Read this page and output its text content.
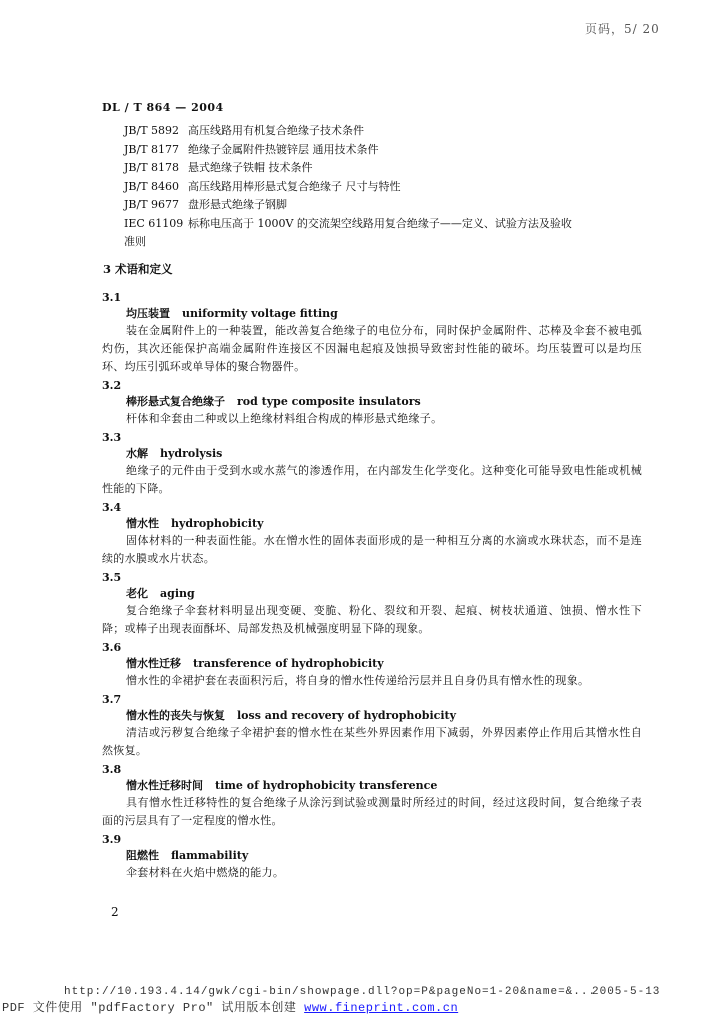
页码，5/ 20
DL / T 864 — 2004
JB/T 5892 高压线路用有机复合绝缘子技术条件
JB/T 8177 绝缘子金属附件热镀锌层 通用技术条件
JB/T 8178 悬式绝缘子铁帽 技术条件
JB/T 8460 高压线路用棒形悬式复合绝缘子 尺寸与特性
JB/T 9677 盘形悬式绝缘子钢脚
IEC 61109 标称电压高于 1000V 的交流架空线路用复合绝缘子——定义、试验方法及验收
准则
3 术语和定义
3.1
均压装置 uniformity voltage fitting
装在金属附件上的一种装置，能改善复合绝缘子的电位分布，同时保护金属附件、芯棒及伞套不被电弧灼伤，其次还能保护高端金属附件连接区不因漏电起痕及蚀损导致密封性能的破坏。均压装置可以是均压环、均压引弧环或单导体的聚合物器件。
3.2
棒形悬式复合绝缘子 rod type composite insulators
杆体和伞套由二种或以上绝缘材料组合构成的棒形悬式绝缘子。
3.3
水解 hydrolysis
绝缘子的元件由于受到水或水蒸气的渗透作用，在内部发生化学变化。这种变化可能导致电性能或机械性能的下降。
3.4
憎水性 hydrophobicity
固体材料的一种表面性能。水在憎水性的固体表面形成的是一种相互分离的水滴或水珠状态，而不是连续的水膜或水片状态。
3.5
老化 aging
复合绝缘子伞套材料明显出现变硬、变脆、粉化、裂纹和开裂、起痕、树枝状通道、蚀损、憎水性下降；或棒子出现表面酥坏、局部发热及机械强度明显下降的现象。
3.6
憎水性迁移 transference of hydrophobicity
憎水性的伞裙护套在表面积污后，将自身的憎水性传递给污层并且自身仍具有憎水性的现象。
3.7
憎水性的丧失与恢复 loss and recovery of hydrophobicity
清洁或污秽复合绝缘子伞裙护套的憎水性在某些外界因素作用下减弱，外界因素停止作用后其憎水性自然恢复。
3.8
憎水性迁移时间 time of hydrophobicity transference
具有憎水性迁移特性的复合绝缘子从涂污到试验或测量时所经过的时间，经过这段时间，复合绝缘子表面的污层具有了一定程度的憎水性。
3.9
阻燃性 flammability
伞套材料在火焰中燃烧的能力。
2
http://10.193.4.14/gwk/cgi-bin/showpage.dll?op=P&pageNo=1-20&name=&...
2005-5-13
PDF 文件使用 "pdfFactory Pro" 试用版本创建 www.fineprint.com.cn
